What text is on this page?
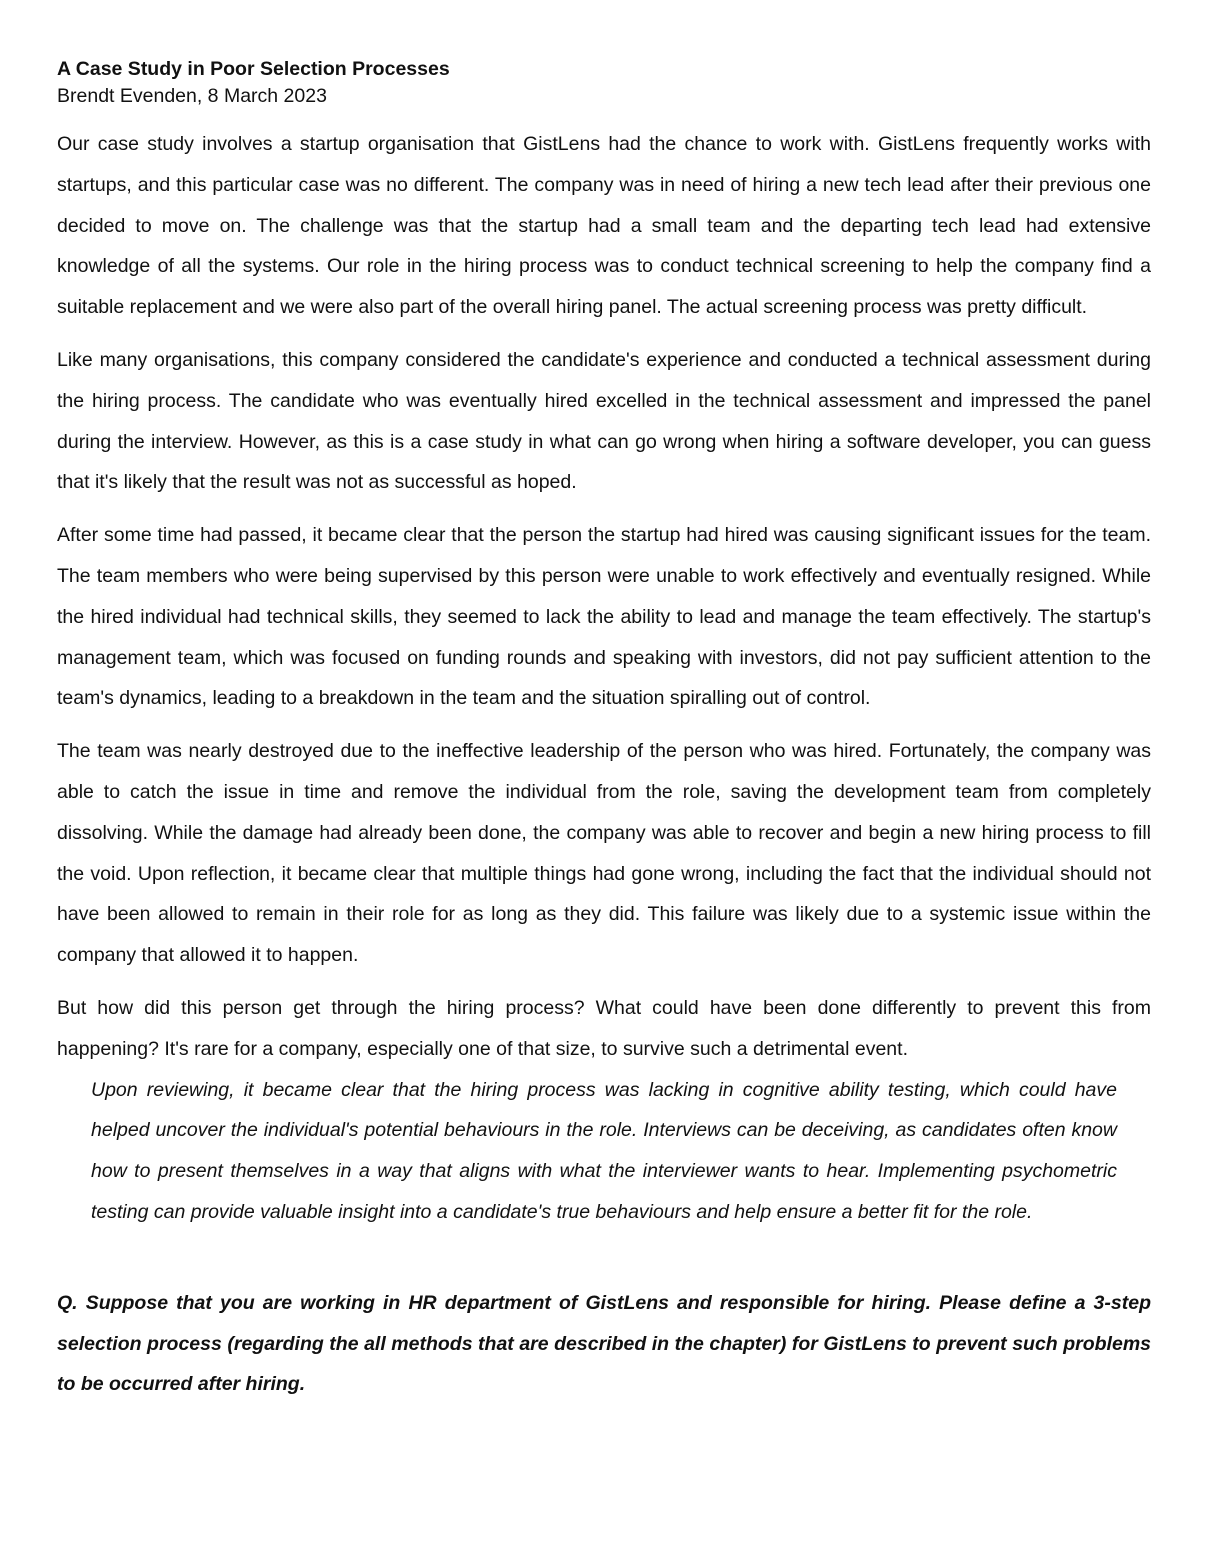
A Case Study in Poor Selection Processes

Brendt Evenden, 8 March 2023

Our case study involves a startup organisation that GistLens had the chance to work with. GistLens frequently works with startups, and this particular case was no different. The company was in need of hiring a new tech lead after their previous one decided to move on. The challenge was that the startup had a small team and the departing tech lead had extensive knowledge of all the systems. Our role in the hiring process was to conduct technical screening to help the company find a suitable replacement and we were also part of the overall hiring panel. The actual screening process was pretty difficult.

Like many organisations, this company considered the candidate's experience and conducted a technical assessment during the hiring process. The candidate who was eventually hired excelled in the technical assessment and impressed the panel during the interview. However, as this is a case study in what can go wrong when hiring a software developer, you can guess that it's likely that the result was not as successful as hoped.

After some time had passed, it became clear that the person the startup had hired was causing significant issues for the team. The team members who were being supervised by this person were unable to work effectively and eventually resigned. While the hired individual had technical skills, they seemed to lack the ability to lead and manage the team effectively. The startup's management team, which was focused on funding rounds and speaking with investors, did not pay sufficient attention to the team's dynamics, leading to a breakdown in the team and the situation spiralling out of control.

The team was nearly destroyed due to the ineffective leadership of the person who was hired. Fortunately, the company was able to catch the issue in time and remove the individual from the role, saving the development team from completely dissolving. While the damage had already been done, the company was able to recover and begin a new hiring process to fill the void. Upon reflection, it became clear that multiple things had gone wrong, including the fact that the individual should not have been allowed to remain in their role for as long as they did. This failure was likely due to a systemic issue within the company that allowed it to happen.

But how did this person get through the hiring process? What could have been done differently to prevent this from happening? It's rare for a company, especially one of that size, to survive such a detrimental event.

Upon reviewing, it became clear that the hiring process was lacking in cognitive ability testing, which could have helped uncover the individual's potential behaviours in the role. Interviews can be deceiving, as candidates often know how to present themselves in a way that aligns with what the interviewer wants to hear. Implementing psychometric testing can provide valuable insight into a candidate's true behaviours and help ensure a better fit for the role.

Q. Suppose that you are working in HR department of GistLens and responsible for hiring. Please define a 3-step selection process (regarding the all methods that are described in the chapter) for GistLens to prevent such problems to be occurred after hiring.
